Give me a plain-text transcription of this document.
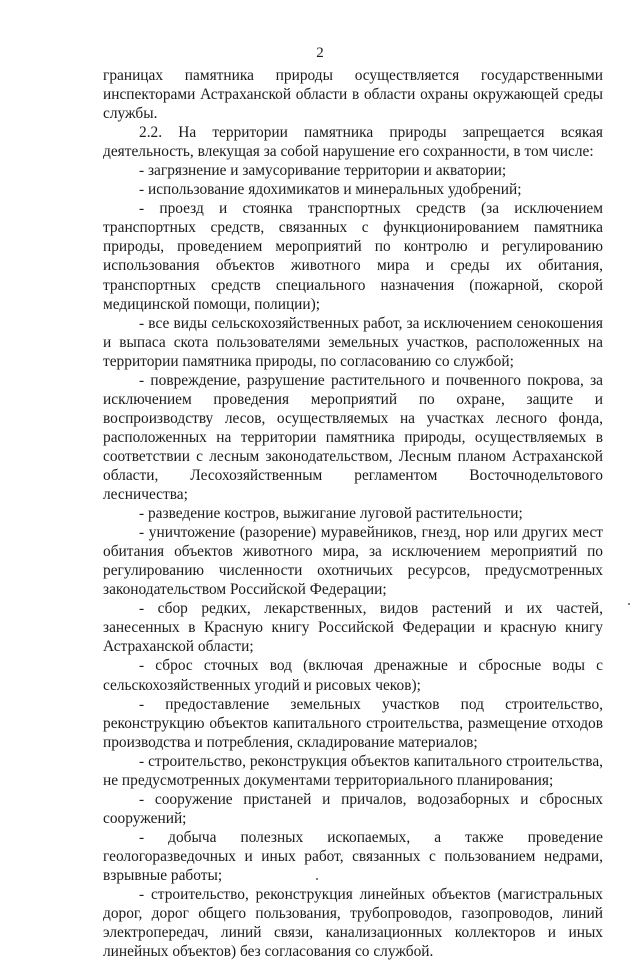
2

границах памятника природы осуществляется государственными инспекторами Астраханской области в области охраны окружающей среды службы.

2.2. На территории памятника природы запрещается всякая деятельность, влекущая за собой нарушение его сохранности, в том числе:

- загрязнение и замусоривание территории и акватории;

- использование ядохимикатов и минеральных удобрений;

- проезд и стоянка транспортных средств (за исключением транспортных средств, связанных с функционированием памятника природы, проведением мероприятий по контролю и регулированию использования объектов животного мира и среды их обитания, транспортных средств специального назначения (пожарной, скорой медицинской помощи, полиции);

- все виды сельскохозяйственных работ, за исключением сенокошения и выпаса скота пользователями земельных участков, расположенных на территории памятника природы, по согласованию со службой;

- повреждение, разрушение растительного и почвенного покрова, за исключением проведения мероприятий по охране, защите и воспроизводству лесов, осуществляемых на участках лесного фонда, расположенных на территории памятника природы, осуществляемых в соответствии с лесным законодательством, Лесным планом Астраханской области, Лесохозяйственным регламентом Восточнодельтового лесничества;

- разведение костров, выжигание луговой растительности;

- уничтожение (разорение) муравейников, гнезд, нор или других мест обитания объектов животного мира, за исключением мероприятий по регулированию численности охотничьих ресурсов, предусмотренных законодательством Российской Федерации;

- сбор редких, лекарственных, видов растений и их частей, занесенных в Красную книгу Российской Федерации и красную книгу Астраханской области;

- сброс сточных вод (включая дренажные и сбросные воды с сельскохозяйственных угодий и рисовых чеков);

- предоставление земельных участков под строительство, реконструкцию объектов капитального строительства, размещение отходов производства и потребления, складирование материалов;

- строительство, реконструкция объектов капитального строительства, не предусмотренных документами территориального планирования;

- сооружение пристаней и причалов, водозаборных и сбросных сооружений;

- добыча полезных ископаемых, а также проведение геологоразведочных и иных работ, связанных с пользованием недрами, взрывные работы;

- строительство, реконструкция линейных объектов (магистральных дорог, дорог общего пользования, трубопроводов, газопроводов, линий электропередач, линий связи, канализационных коллекторов и иных линейных объектов) без согласования со службой.
